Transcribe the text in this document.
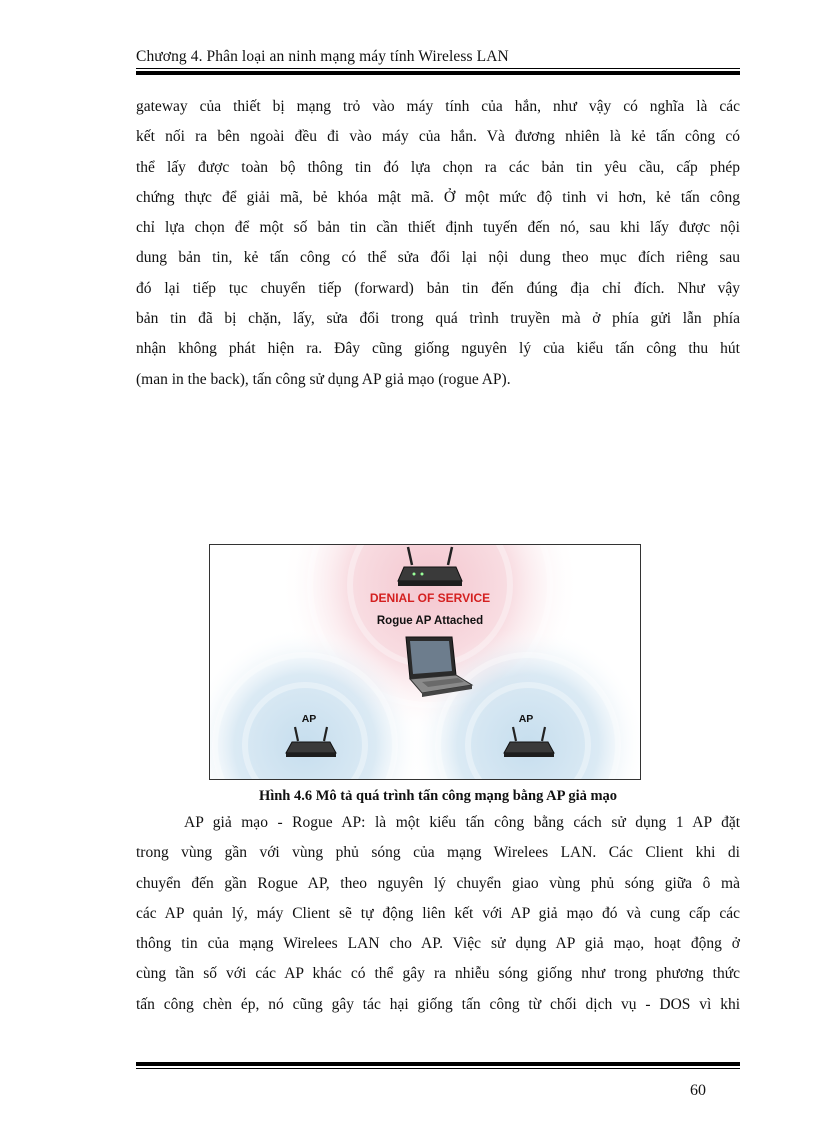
Chương 4. Phân loại an ninh mạng máy tính Wireless LAN
gateway của thiết bị mạng trỏ vào máy tính của hắn, như vậy có nghĩa là các
kết nối ra bên ngoài đều đi vào máy của hắn. Và đương nhiên là kẻ tấn công có
thể lấy được toàn bộ thông tin đó lựa chọn ra các bản tin yêu cầu, cấp phép
chứng thực để giải mã, bẻ khóa mật mã. Ở một mức độ tinh vi hơn, kẻ tấn công
chỉ lựa chọn để một số bản tin cần thiết định tuyến đến nó, sau khi lấy được nội
dung bản tin, kẻ tấn công có thể sửa đổi lại nội dung theo mục đích riêng sau
đó lại tiếp tục chuyển tiếp (forward) bản tin đến đúng địa chỉ đích. Như vậy
bản tin đã bị chặn, lấy, sửa đổi trong quá trình truyền mà ở phía gửi lẫn phía
nhận không phát hiện ra. Đây cũng giống nguyên lý của kiểu tấn công thu hút
(man in the back), tấn công sử dụng AP giả mạo (rogue AP).
DENIAL OF SERVICE
Rogue AP Attached
AP	AP
Hình 4.6 Mô tả quá trình tấn công mạng bằng AP giả mạo
AP giả mạo - Rogue AP: là một kiểu tấn công bằng cách sử dụng 1 AP đặt
trong vùng gần với vùng phủ sóng của mạng Wirelees LAN. Các Client khi di
chuyển đến gần Rogue AP, theo nguyên lý chuyển giao vùng phủ sóng giữa ô mà
các AP quản lý, máy Client sẽ tự động liên kết với AP giả mạo đó và cung cấp các
thông tin của mạng Wirelees LAN cho AP. Việc sử dụng AP giả mạo, hoạt động ở
cùng tần số với các AP khác có thể gây ra nhiễu sóng giống như trong phương thức
tấn công chèn ép, nó cũng gây tác hại giống tấn công từ chối dịch vụ - DOS vì khi
60
